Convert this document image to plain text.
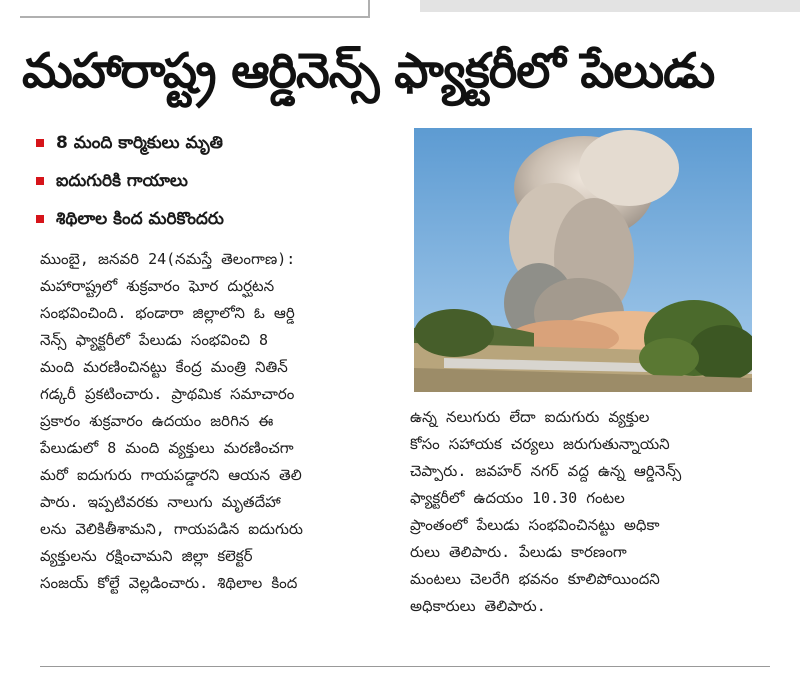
మహారాష్ట్ర ఆర్డినెన్స్ ఫ్యాక్టరీలో పేలుడు
8 మంది కార్మికులు మృతి
ఐదుగురికి గాయాలు
శిథిలాల కింద మరికొందరు

ముంబై, జనవరి 24(నమస్తే తెలంగాణ):
మహారాష్ట్రలో శుక్రవారం ఘోర దుర్ఘటన
సంభవించింది. భండారా జిల్లాలోని ఓ ఆర్డి
నెన్స్ ఫ్యాక్టరీలో పేలుడు సంభవించి 8
మంది మరణించినట్టు కేంద్ర మంత్రి నితిన్
గడ్కరీ ప్రకటించారు. ప్రాథమిక సమాచారం
ప్రకారం శుక్రవారం ఉదయం జరిగిన ఈ
పేలుడులో 8 మంది వ్యక్తులు మరణించగా
మరో ఐదుగురు గాయపడ్డారని ఆయన తెలి
పారు. ఇప్పటివరకు నాలుగు మృతదేహా
లను వెలికితీశామని, గాయపడిన ఐదుగురు
వ్యక్తులను రక్షించామని జిల్లా కలెక్టర్
సంజయ్ కోల్టే వెల్లడించారు. శిథిలాల కింద

ఉన్న నలుగురు లేదా ఐదుగురు వ్యక్తుల
కోసం సహాయక చర్యలు జరుగుతున్నాయని
చెప్పారు. జవహర్ నగర్ వద్ద ఉన్న ఆర్డినెన్స్
ఫ్యాక్టరీలో ఉదయం 10.30 గంటల
ప్రాంతంలో పేలుడు సంభవించినట్టు అధికా
రులు తెలిపారు. పేలుడు కారణంగా
మంటలు చెలరేగి భవనం కూలిపోయిందని
అధికారులు తెలిపారు.
